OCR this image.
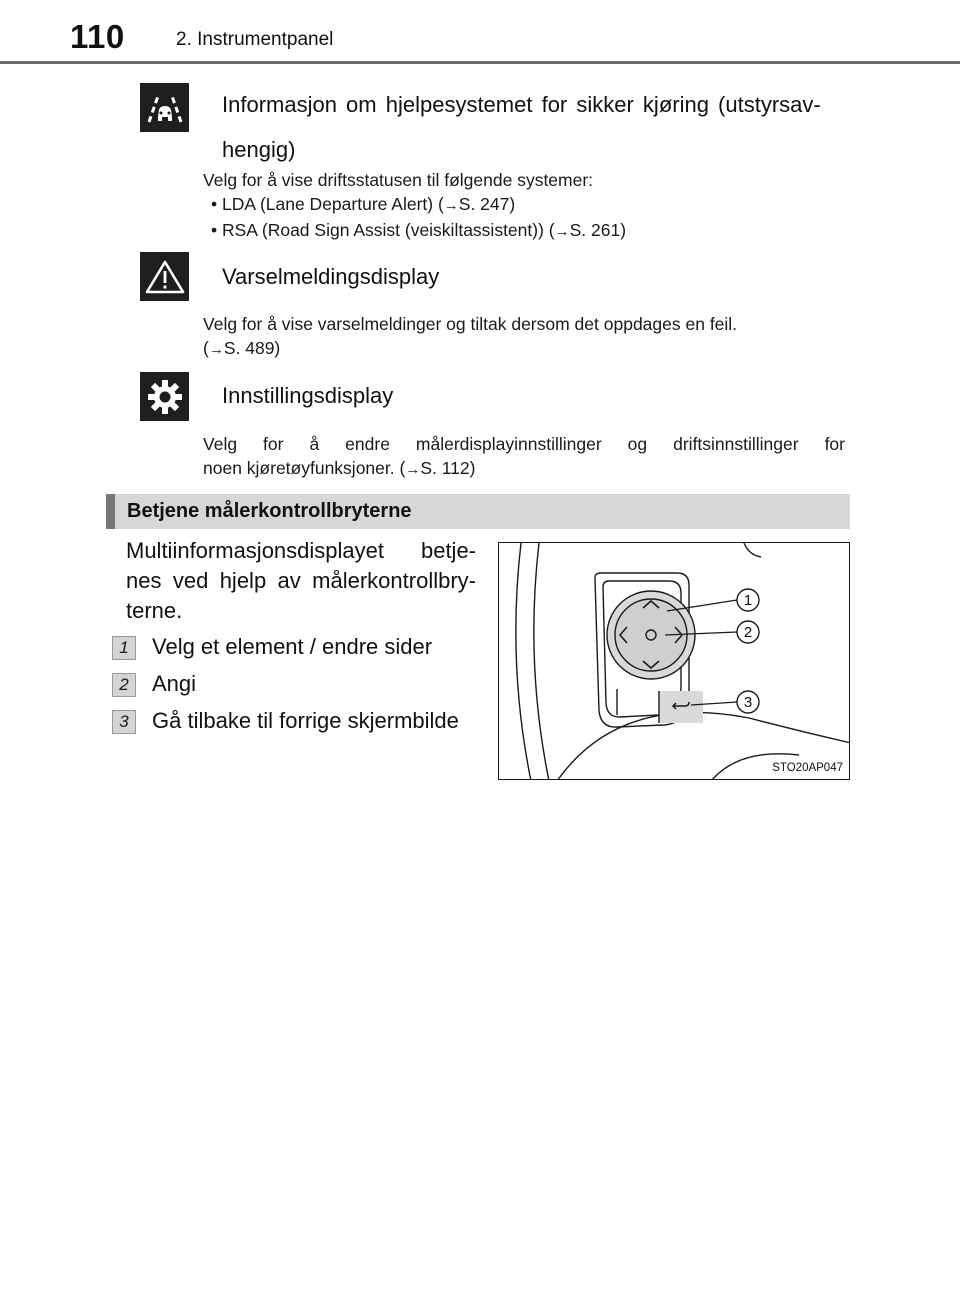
110	2. Instrumentpanel
Informasjon om hjelpesystemet for sikker kjøring (utstyrsav-
hengig)
Velg for å vise driftsstatusen til følgende systemer:
• LDA (Lane Departure Alert) (→S. 247)
• RSA (Road Sign Assist (veiskiltassistent)) (→S. 261)
Varselmeldingsdisplay
Velg for å vise varselmeldinger og tiltak dersom det oppdages en feil.
(→S. 489)
Innstillingsdisplay
Velg for å endre målerdisplayinnstillinger og driftsinnstillinger for
noen kjøretøyfunksjoner. (→S. 112)
Betjene målerkontrollbryterne
Multiinformasjonsdisplayet betje- nes ved hjelp av målerkontrollbry- terne.
1	Velg et element / endre sider
2	Angi
3	Gå tilbake til forrige skjermbilde
1
2
3
STO20AP047
